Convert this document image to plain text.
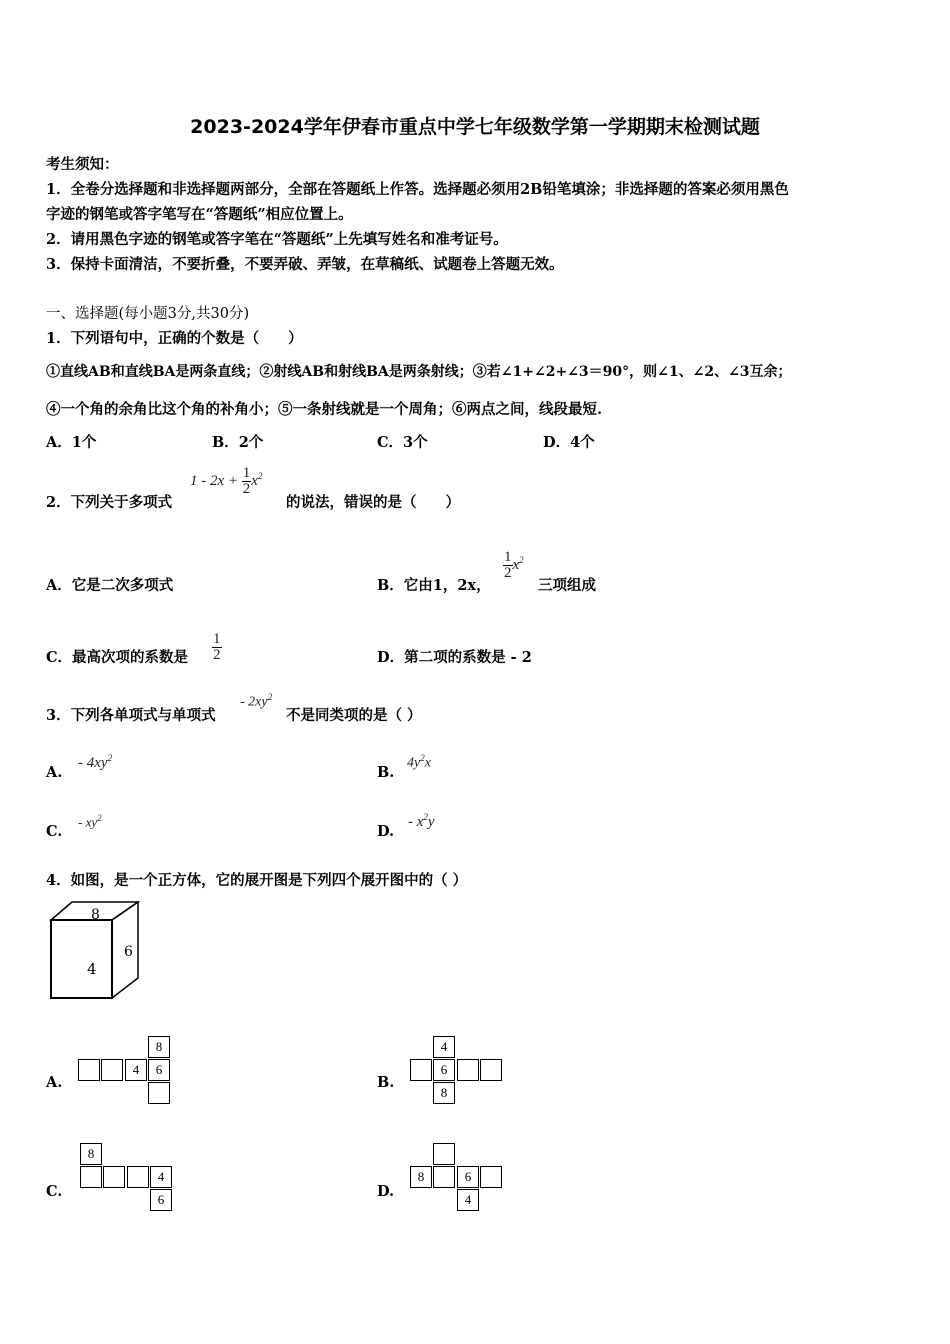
2023-2024学年伊春市重点中学七年级数学第一学期期末检测试题
考生须知：
1．全卷分选择题和非选择题两部分，全部在答题纸上作答。选择题必须用2B铅笔填涂；非选择题的答案必须用黑色
字迹的钢笔或答字笔写在“答题纸”相应位置上。
2．请用黑色字迹的钢笔或答字笔在“答题纸”上先填写姓名和准考证号。
3．保持卡面清洁，不要折叠，不要弄破、弄皱，在草稿纸、试题卷上答题无效。
一、选择题(每小题3分,共30分)
1．下列语句中，正确的个数是（　　）
①直线AB和直线BA是两条直线；②射线AB和射线BA是两条射线；③若∠1+∠2+∠3＝90°，则∠1、∠2、∠3互余；
④一个角的余角比这个角的补角小；⑤一条射线就是一个周角；⑥两点之间，线段最短.
A．1个	B．2个	C．3个	D．4个
2．下列关于多项式
$1 - 2x + \frac{1}{2} x^2$
的说法，错误的是（　　）
A．它是二次多项式	B．它由1，2x，
$\frac{1}{2} x^2$
三项组成
C．最高次项的系数是 $\frac{1}{2}$	D．第二项的系数是 - 2
3．下列各单项式与单项式
- $2xy^2$
不是同类项的是（ ）
A.
- $4xy^2$
B.
$4y^2x$
C.
- $xy^2$
D.
- $x^2y$
4．如图，是一个正方体，它的展开图是下列四个展开图中的（ ）
8
4
6
A.
8
4	6
B.
4
6
8
C.
8
4
6	D.
8	6
4
